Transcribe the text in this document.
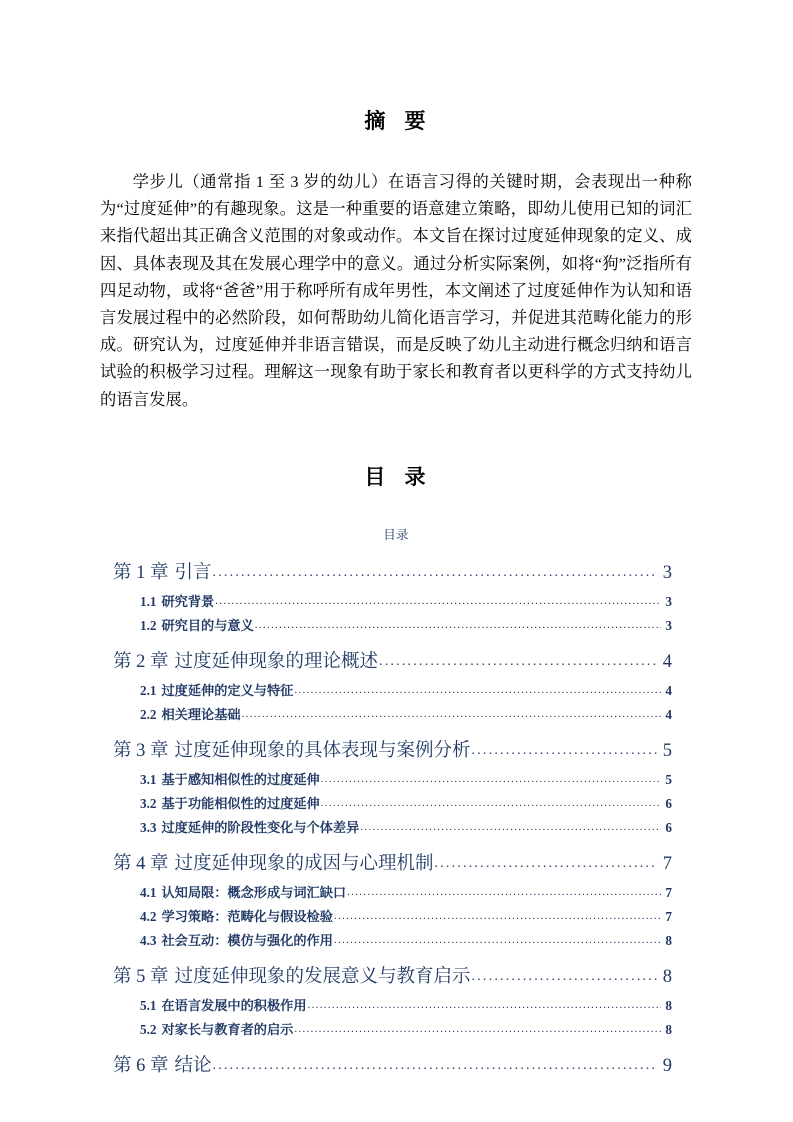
摘 要

学步儿（通常指 1 至 3 岁的幼儿）在语言习得的关键时期，会表现出一种称为“过度延伸”的有趣现象。这是一种重要的语意建立策略，即幼儿使用已知的词汇来指代超出其正确含义范围的对象或动作。本文旨在探讨过度延伸现象的定义、成因、具体表现及其在发展心理学中的意义。通过分析实际案例，如将“狗”泛指所有四足动物，或将“爸爸”用于称呼所有成年男性，本文阐述了过度延伸作为认知和语言发展过程中的必然阶段，如何帮助幼儿简化语言学习，并促进其范畴化能力的形成。研究认为，过度延伸并非语言错误，而是反映了幼儿主动进行概念归纳和语言试验的积极学习过程。理解这一现象有助于家长和教育者以更科学的方式支持幼儿的语言发展。

目 录
目录
第 1 章 引言 .....	3
1.1 研究背景 .....	3
1.2 研究目的与意义 .....	3
第 2 章 过度延伸现象的理论概述 .....	4
2.1 过度延伸的定义与特征 .....	4
2.2 相关理论基础 .....	4
第 3 章 过度延伸现象的具体表现与案例分析 .....	5
3.1 基于感知相似性的过度延伸 .....	5
3.2 基于功能相似性的过度延伸 .....	6
3.3 过度延伸的阶段性变化与个体差异 .....	6
第 4 章 过度延伸现象的成因与心理机制 .....	7
4.1 认知局限：概念形成与词汇缺口 .....	7
4.2 学习策略：范畴化与假设检验 .....	7
4.3 社会互动：模仿与强化的作用 .....	8
第 5 章 过度延伸现象的发展意义与教育启示 .....	8
5.1 在语言发展中的积极作用 .....	8
5.2 对家长与教育者的启示 .....	8
第 6 章 结论 .....	9
